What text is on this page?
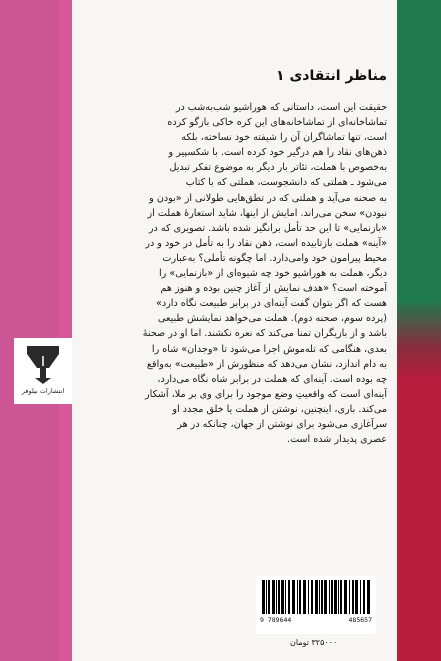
مناظر انتقادی ۱
حقیقت این است، داستانی که هوراشیو شب‌به‌شب در
تماشاخانه‌ای از تماشاخانه‌های این کره خاکی بازگو کرده
است، تنها تماشاگران آن را شیفته خود نساخته، بلکه
ذهن‌های نقاد را هم درگیر خود کرده است. با شکسپیر و
به‌خصوص با هملت، تئاتر بار دیگر به موضوع تفکر تبدیل
می‌شود ـ هملتی که دانشجوست، هملتی که با کتاب
به صحنه می‌آید و هملتی که در تطق‌هایی طولانی از «بودن و
نبودن» سخن می‌راند. امایش از اینها، شاید استعارهٔ هملت از
«بازنمایی» تا این حد تأمل برانگیز شده باشد. تصویری که در
«آینه» هملت بازتابیده است، ذهن نقاد را به تأمل در خود و در
محیط پیرامون خود وامی‌دارد. اما چگونه تأملی؟ به‌عبارت
دیگر، هملت به هوراشیو خود چه شیوه‌ای از «بازنمایی» را
آموخته است؟ «هدف نمایش از آغاز چنین بوده و هنوز هم
هست که اگر بتوان گفت آینه‌ای در برابر طبیعت نگاه دارد»
(پرده سوم، صحنه دوم). هملت می‌خواهد نمایشش طبیعی
باشد و از بازیگران تمنا می‌کند که نعره نکشند. اما او در صحنهٔ
بعدی، هنگامی که تله‌موش اجرا می‌شود تا «وجدان» شاه را
به دام اندازد، نشان می‌دهد که منظورش از «طبیعت» به‌واقع
چه بوده است. آینه‌ای که هملت در برابر شاه نگاه می‌دارد،
آینه‌ای است که واقعیتِ وضع موجود را برای وی بر ملا، آشکار
می‌کند. باری، اینچنین، نوشتن از هملت یا خلق مجدد او
سرآغازی می‌شود برای نوشتن از جهان، چنانکه در هر
عصری پدیدار شده است.
انتشارات نیلوفر
9 789644	485657
۳۲۵۰۰۰ تومان
